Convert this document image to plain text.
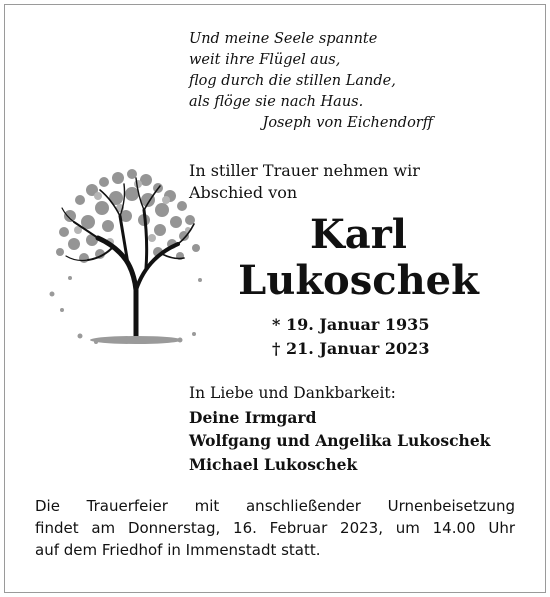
Und meine Seele spannte
weit ihre Flügel aus,
flog durch die stillen Lande,
als flöge sie nach Haus.
Joseph von Eichendorff
In stiller Trauer nehmen wir
Abschied von
Karl
Lukoschek
* 19. Januar 1935
† 21. Januar 2023
In Liebe und Dankbarkeit:
Deine Irmgard
Wolfgang und Angelika Lukoschek
Michael Lukoschek
Die Trauerfeier mit anschließender Urnenbeisetzung
findet am Donnerstag, 16. Februar 2023, um 14.00 Uhr
auf dem Friedhof in Immenstadt statt.
